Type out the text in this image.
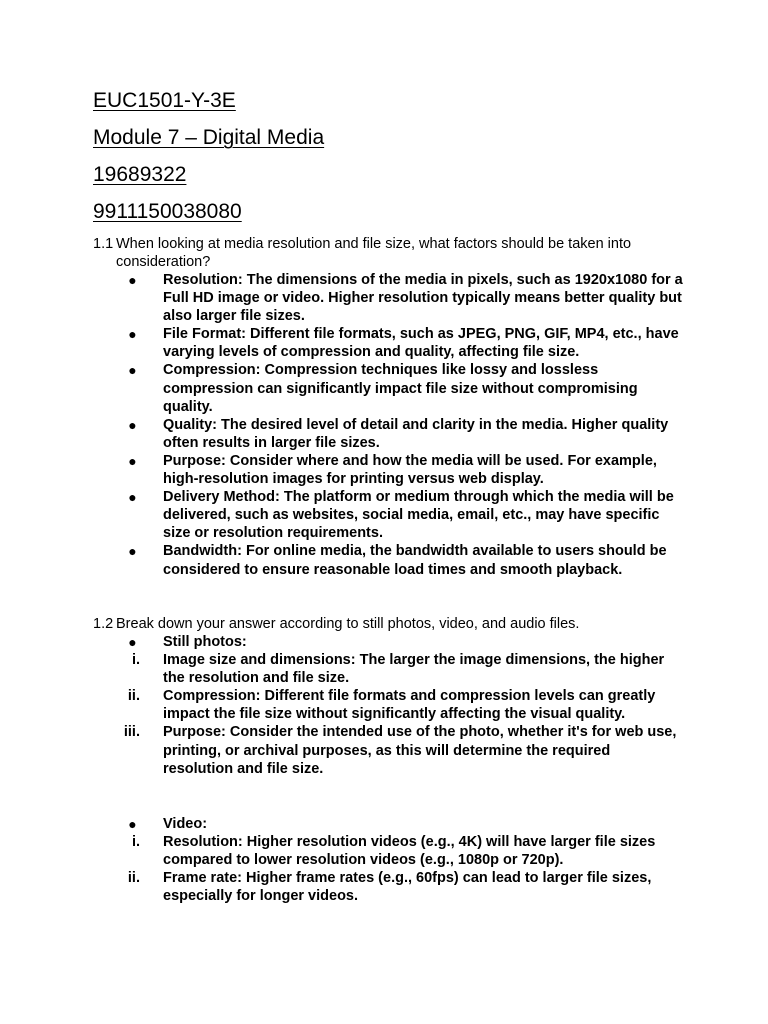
EUC1501-Y-3E
Module 7 – Digital Media
19689322
9911150038080
1.1 When looking at media resolution and file size, what factors should be taken into consideration?
●	Resolution: The dimensions of the media in pixels, such as 1920x1080 for a Full HD image or video. Higher resolution typically means better quality but also larger file sizes.
●	File Format: Different file formats, such as JPEG, PNG, GIF, MP4, etc., have varying levels of compression and quality, affecting file size.
●	Compression: Compression techniques like lossy and lossless compression can significantly impact file size without compromising quality.
●	Quality: The desired level of detail and clarity in the media. Higher quality often results in larger file sizes.
●	Purpose: Consider where and how the media will be used. For example, high-resolution images for printing versus web display.
●	Delivery Method: The platform or medium through which the media will be delivered, such as websites, social media, email, etc., may have specific size or resolution requirements.
●	Bandwidth: For online media, the bandwidth available to users should be considered to ensure reasonable load times and smooth playback.
1.2 Break down your answer according to still photos, video, and audio files.
●	Still photos:
i. Image size and dimensions: The larger the image dimensions, the higher the resolution and file size.
ii. Compression: Different file formats and compression levels can greatly impact the file size without significantly affecting the visual quality.
iii. Purpose: Consider the intended use of the photo, whether it's for web use, printing, or archival purposes, as this will determine the required resolution and file size.
●	Video:
i. Resolution: Higher resolution videos (e.g., 4K) will have larger file sizes compared to lower resolution videos (e.g., 1080p or 720p).
ii. Frame rate: Higher frame rates (e.g., 60fps) can lead to larger file sizes, especially for longer videos.
